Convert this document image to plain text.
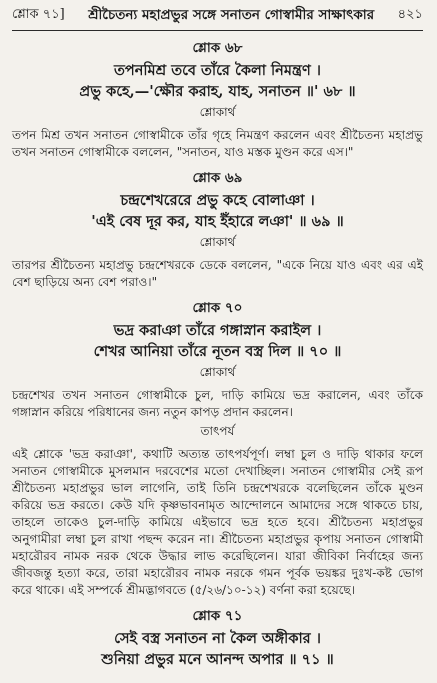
শ্লোক ৭১]	শ্রীচৈতন্য মহাপ্রভুর সঙ্গে সনাতন গোস্বামীর সাক্ষাৎকার	৪২১
শ্লোক ৬৮
তপনমিশ্র তবে তাঁরে কৈলা নিমন্ত্রণ ।
প্রভু কহে,—'ক্ষৌর করাহ, যাহ, সনাতন ॥' ৬৮ ॥
শ্লোকার্থ

তপন মিশ্র তখন সনাতন গোস্বামীকে তাঁর গৃহে নিমন্ত্রণ করলেন এবং শ্রীচৈতন্য মহাপ্রভু তখন সনাতন গোস্বামীকে বললেন, "সনাতন, যাও মস্তক মুণ্ডন করে এস।"

শ্লোক ৬৯
চন্দ্রশেখরেরে প্রভু কহে বোলাঞা ।
'এই বেষ দূর কর, যাহ ইঁহারে লঞা' ॥ ৬৯ ॥
শ্লোকার্থ

তারপর শ্রীচৈতন্য মহাপ্রভু চন্দ্রশেখরকে ডেকে বললেন, "একে নিয়ে যাও এবং এর এই বেশ ছাড়িয়ে অন্য বেশ পরাও।"

শ্লোক ৭০
ভদ্র করাঞা তাঁরে গঙ্গাস্নান করাইল ।
শেখর আনিয়া তাঁরে নূতন বস্ত্র দিল ॥ ৭০ ॥
শ্লোকার্থ

চন্দ্রশেখর তখন সনাতন গোস্বামীকে চুল, দাড়ি কামিয়ে ভদ্র করালেন, এবং তাঁকে গঙ্গাস্নান করিয়ে পরিধানের জন্য নতুন কাপড় প্রদান করলেন।

তাৎপর্য

এই শ্লোকে 'ভদ্র করাঞা', কথাটি অত্যন্ত তাৎপর্যপূর্ণ। লম্বা চুল ও দাড়ি থাকার ফলে সনাতন গোস্বামীকে মুসলমান দরবেশের মতো দেখাচ্ছিল। সনাতন গোস্বামীর সেই রূপ শ্রীচৈতন্য মহাপ্রভুর ভাল লাগেনি, তাই তিনি চন্দ্রশেখরকে বলেছিলেন তাঁকে মুণ্ডন করিয়ে ভদ্র করতে। কেউ যদি কৃষ্ণভাবনামৃত আন্দোলনে আমাদের সঙ্গে থাকতে চায়, তাহলে তাকেও চুল-দাড়ি কামিয়ে এইভাবে ভদ্র হতে হবে। শ্রীচৈতন্য মহাপ্রভুর অনুগামীরা লম্বা চুল রাখা পছন্দ করেন না। শ্রীচৈতন্য মহাপ্রভুর কৃপায় সনাতন গোস্বামী মহারৌরব নামক নরক থেকে উদ্ধার লাভ করেছিলেন। যারা জীবিকা নির্বাহের জন্য জীবজন্তু হত্যা করে, তারা মহারৌরব নামক নরকে গমন পূর্বক ভয়ঙ্কর দুঃখ-কষ্ট ভোগ করে থাকে। এই সম্পর্কে শ্রীমদ্ভাগবতে (৫/২৬/১০-১২) বর্ণনা করা হয়েছে।

শ্লোক ৭১
সেই বস্ত্র সনাতন না কৈল অঙ্গীকার ।
শুনিয়া প্রভুর মনে আনন্দ অপার ॥ ৭১ ॥
